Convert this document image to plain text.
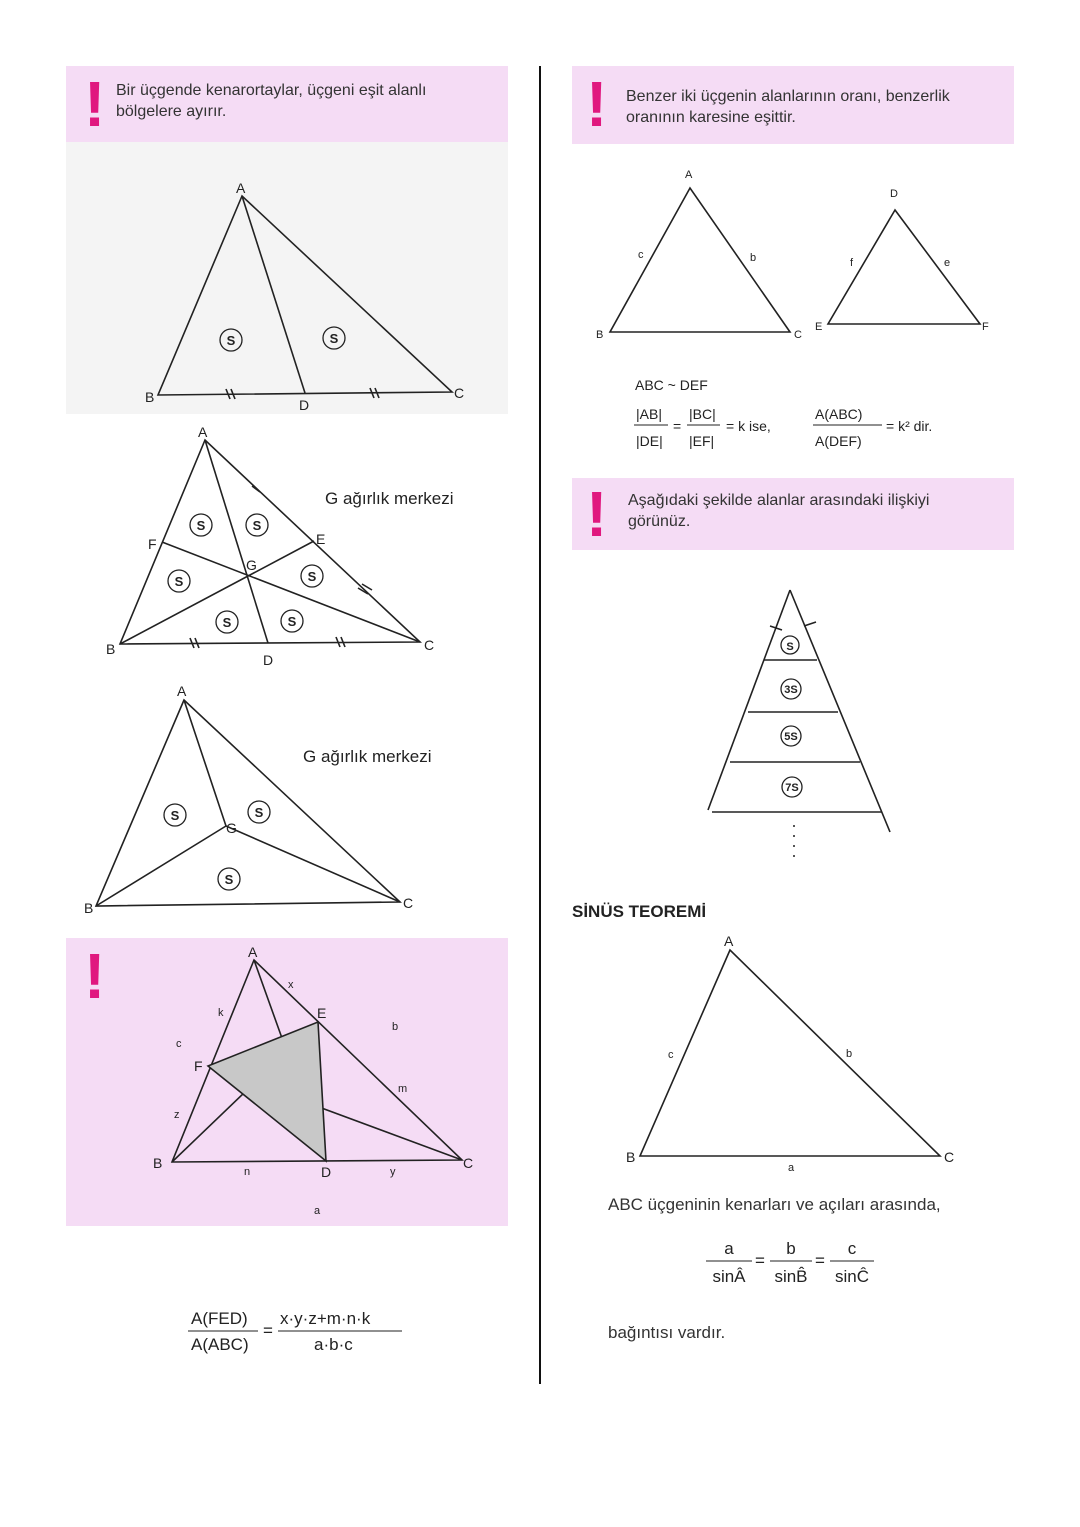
!	!
!
!
Bir üçgende kenarortaylar, üçgeni eşit alanlı bölgelere ayırır.
Benzer iki üçgenin alanlarının oranı, benzerlik oranının karesine eşittir.
Aşağıdaki şekilde alanlar arasındaki ilişkiyi görünüz.
SİNÜS TEOREMİ
ABC üçgeninin kenarları ve açıları arasında,
bağıntısı vardır.
S	S
S	S
S	S
S	S
S	S
S
S
3S
5S
7S
A
B	C
D
A
B	C
D
E
F
G
A
B	C
G
A
B	C
D
E
F
A
B	C
D
E	F
A
B	C
c	b	f	e
c	b
a
k
x
c
z
b
m
n	y
a
G ağırlık merkezi
G ağırlık merkezi
ABC ~ DEF
|AB|
|DE|
=
|BC|
|EF|
= k ise,
A(ABC)
A(DEF)
= k² dir.
A(FED)
A(ABC)
=
x·y·z+m·n·k
a·b·c
a
sinÂ
=
b
sinB̂
=
c
sinĈ
